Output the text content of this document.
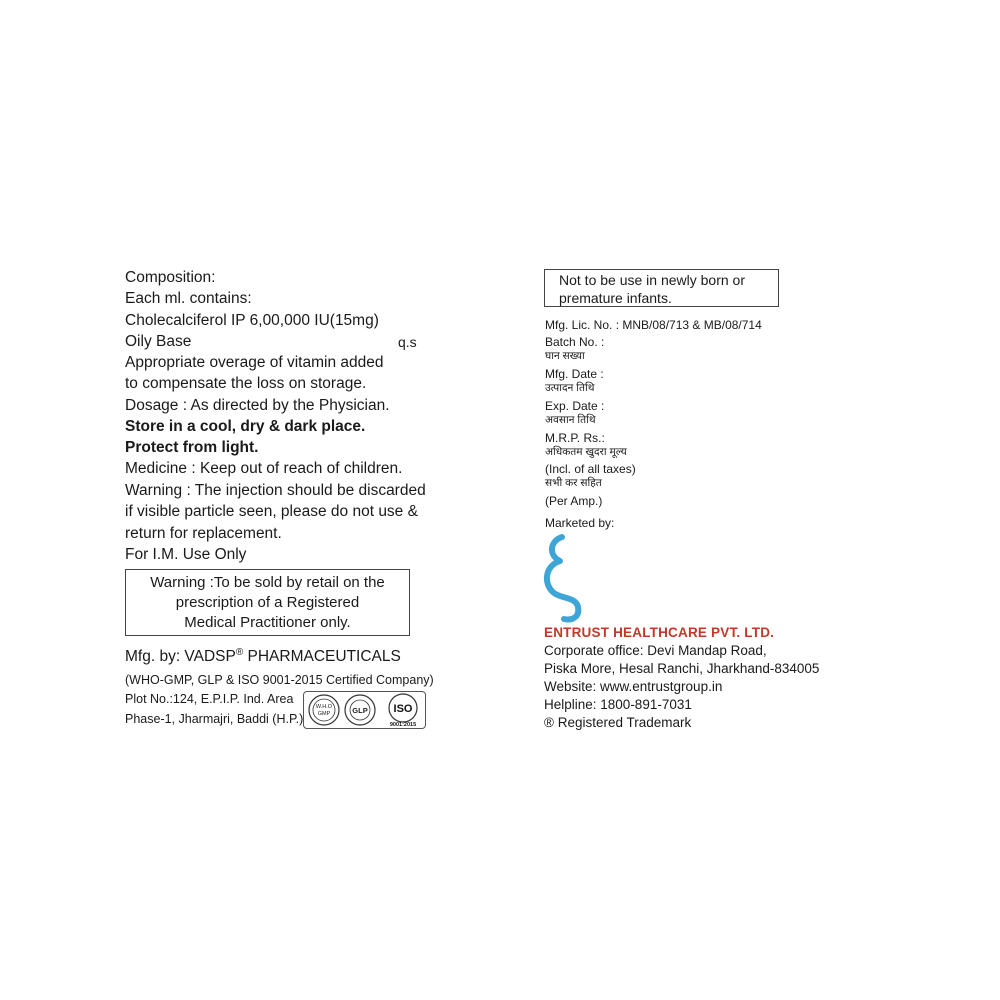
Composition:
Each ml. contains:
Cholecalciferol IP 6,00,000 IU(15mg)
Oily Base	q.s
Appropriate overage of vitamin added
to compensate the loss on storage.
Dosage : As directed by the Physician.
Store in a cool, dry & dark place.
Protect from light.
Medicine : Keep out of reach of children.
Warning : The injection should be discarded
if visible particle seen, please do not use &
return for replacement.
For I.M. Use Only
Warning :To be sold by retail on the
prescription of a Registered
Medical Practitioner only.
Mfg. by: VADSP® PHARMACEUTICALS
(WHO-GMP, GLP & ISO 9001-2015 Certified Company)
Plot No.:124, E.P.I.P. Ind. Area
Phase-1, Jharmajri, Baddi (H.P.)
W.H.O
GMP	GLP ISO
9001:2015
Not to be use in newly born or
premature infants.
Mfg. Lic. No. : MNB/08/713 & MB/08/714
Batch No. :
घान सख्या
Mfg. Date :
उत्पादन तिथि
Exp. Date :
अवसान तिथि
M.R.P. Rs.:
अधिकतम खुदरा मूल्य
(Incl. of all taxes)
सभी कर सहित
(Per Amp.)
Marketed by:
ENTRUST HEALTHCARE PVT. LTD.
Corporate office: Devi Mandap Road,
Piska More, Hesal Ranchi, Jharkhand-834005
Website: www.entrustgroup.in
Helpline: 1800-891-7031
® Registered Trademark
